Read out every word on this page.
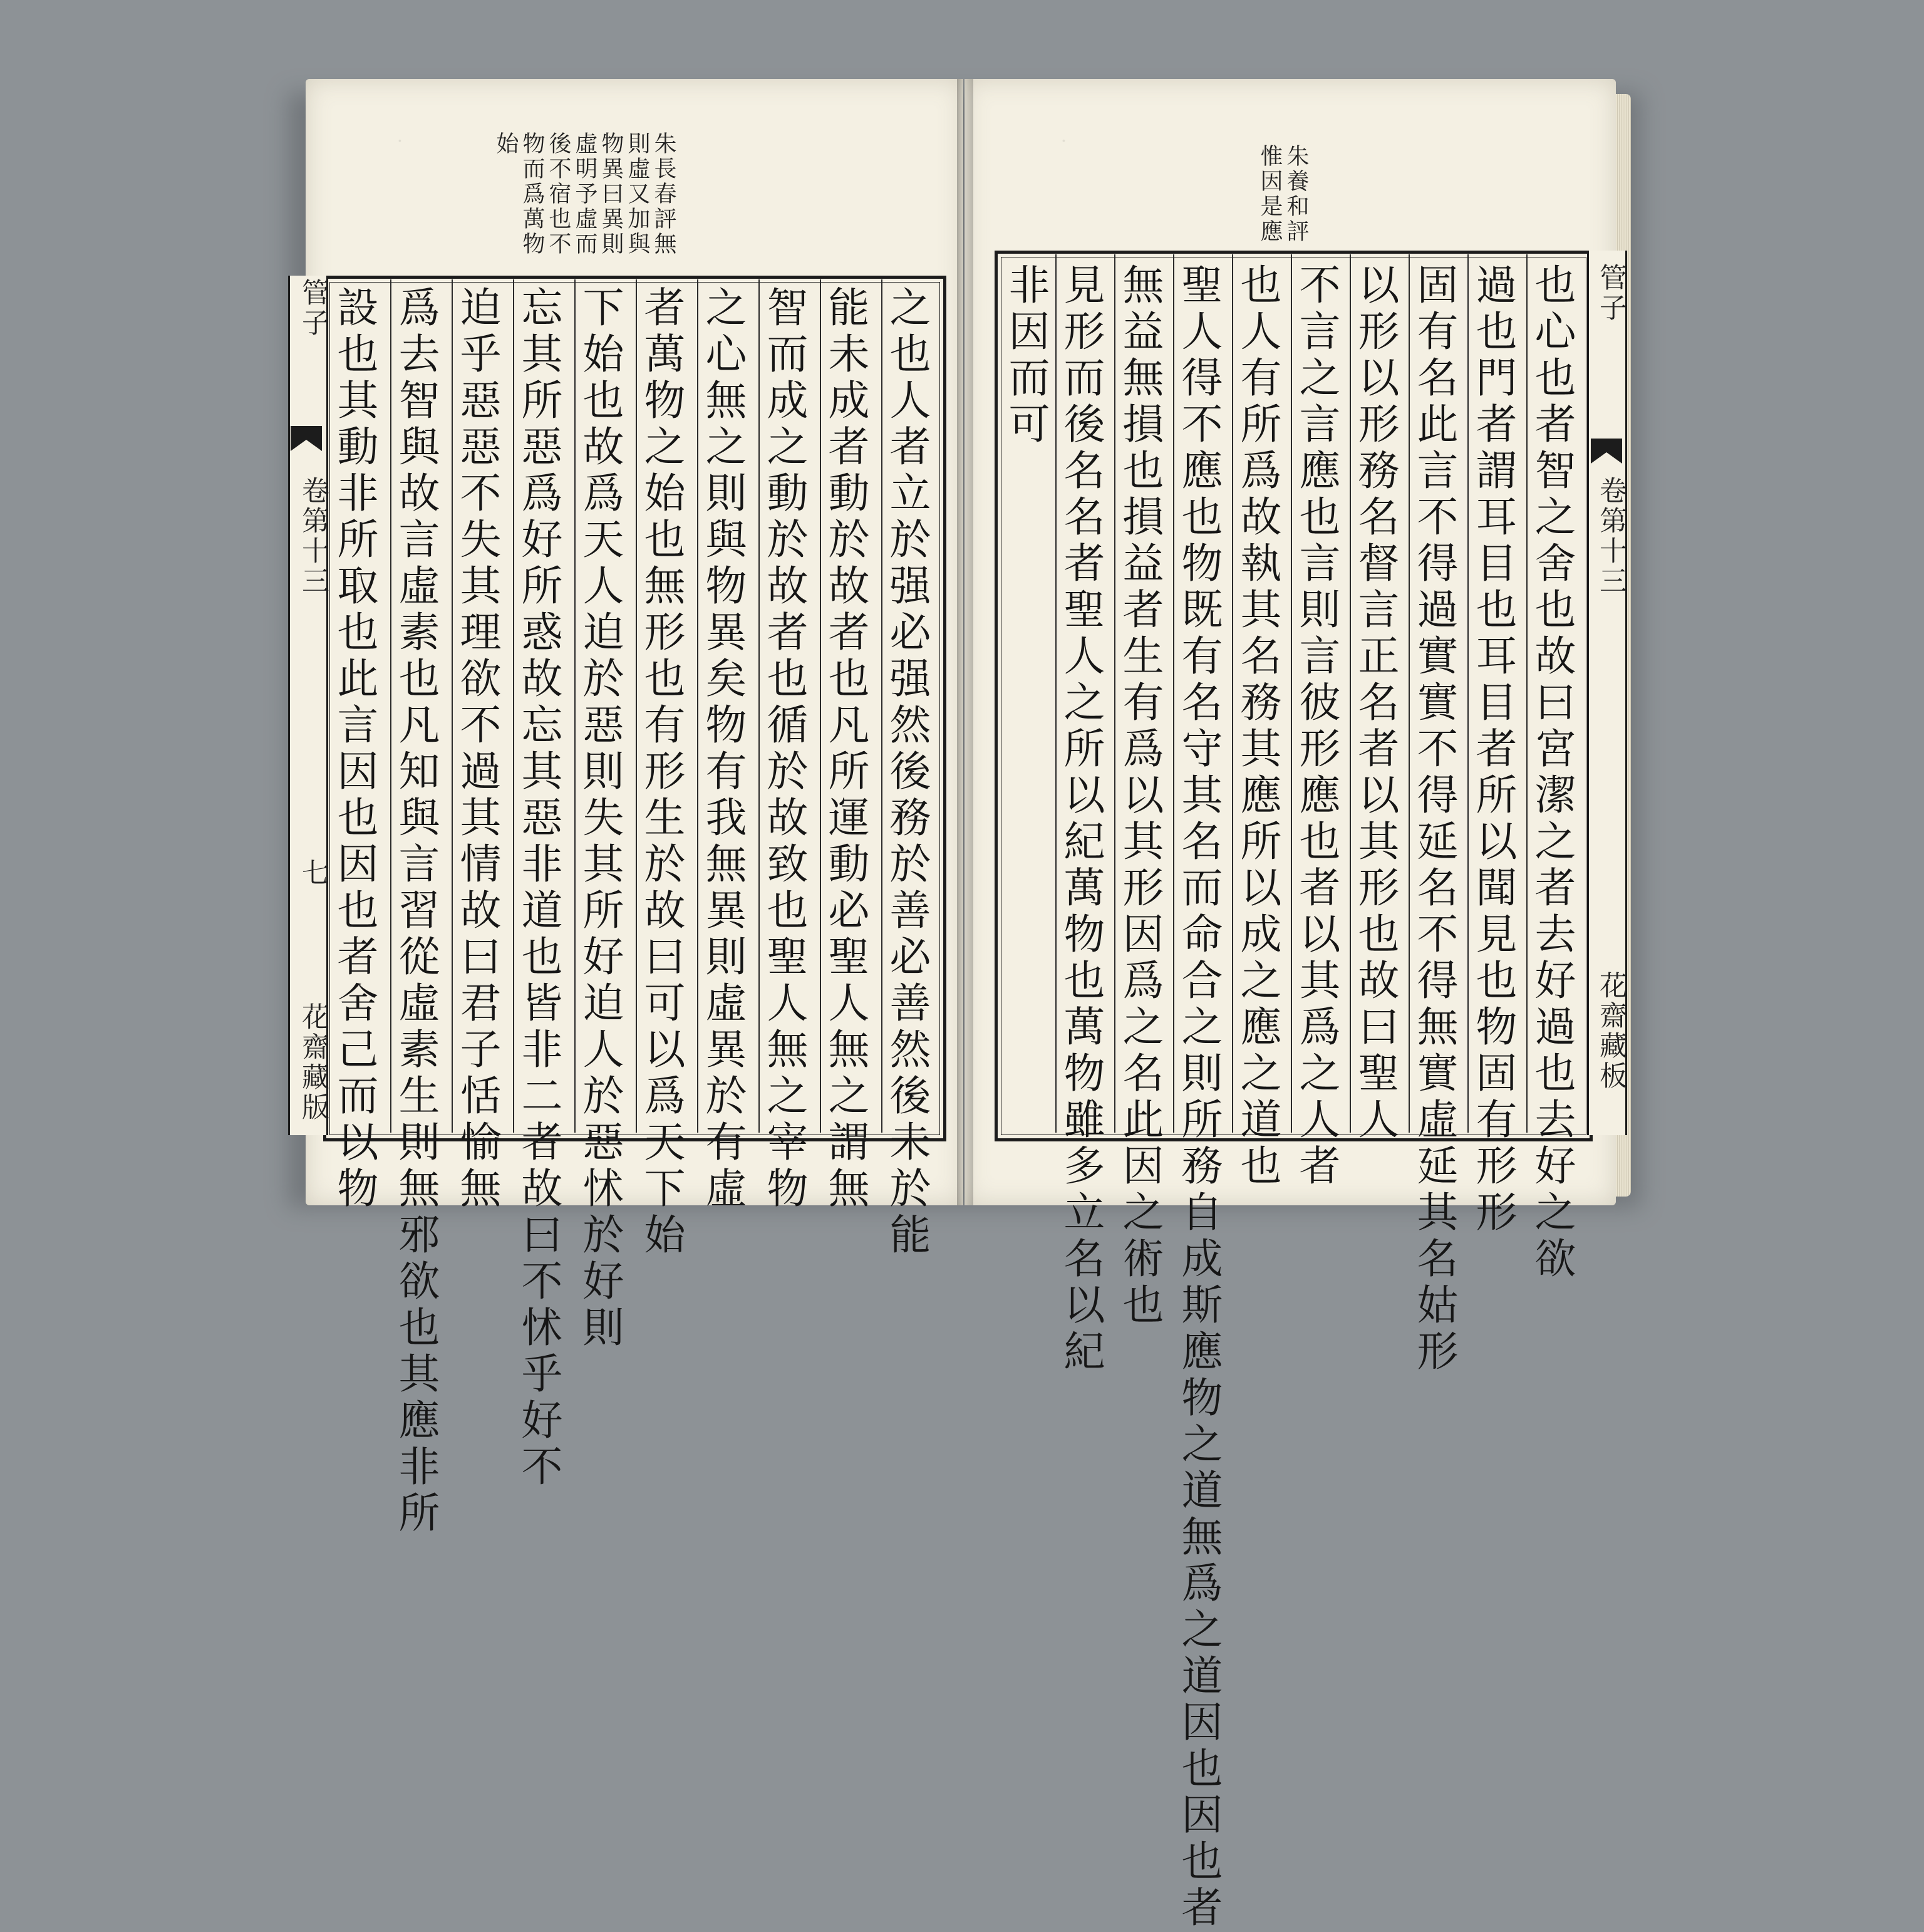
·	·
朱長春評無則虛又加與物異曰異則虛明予虛而後不宿也不物而爲萬物始
管子
卷第十三
七
花齋藏版	之也人者立於强必强然後務於善必善然後未於能
能未成者動於故者也凡所運動必聖人無之謂無
智而成之動於故者也循於故致也聖人無之宰物
之心無之則與物異矣物有我無異則虛異於有虛
者萬物之始也無形也有形生於故曰可以爲天下始
下始也故爲天人迫於惡則失其所好迫人於惡怵於好則
忘其所惡爲好所惑故忘其惡非道也皆非二者故曰不怵乎好不
迫乎惡惡不失其理欲不過其情故曰君子恬愉無
爲去智與故言虛素也凡知與言習從虛素生則無邪欲也其應非所
設也其動非所取也此言因也因也者舍己而以物
朱養和評惟因是應
管子
卷第十三
花齋藏板
也心也者智之舍也故曰宮潔之者去好過也去好之欲
過也門者謂耳目也耳目者所以聞見也物固有形形
固有名此言不得過實實不得延名不得無實虛延其名姑形
以形以形務名督言正名者以其形也故曰聖人
不言之言應也言則言彼形應也者以其爲之人者
也人有所爲故執其名務其應所以成之應之道也
聖人得不應也物既有名守其名而命合之則所務自成斯應物之道無爲之道因也因也者
無益無損也損益者生有爲以其形因爲之名此因之術也
見形而後名名者聖人之所以紀萬物也萬物雖多立名以紀
非因而可
